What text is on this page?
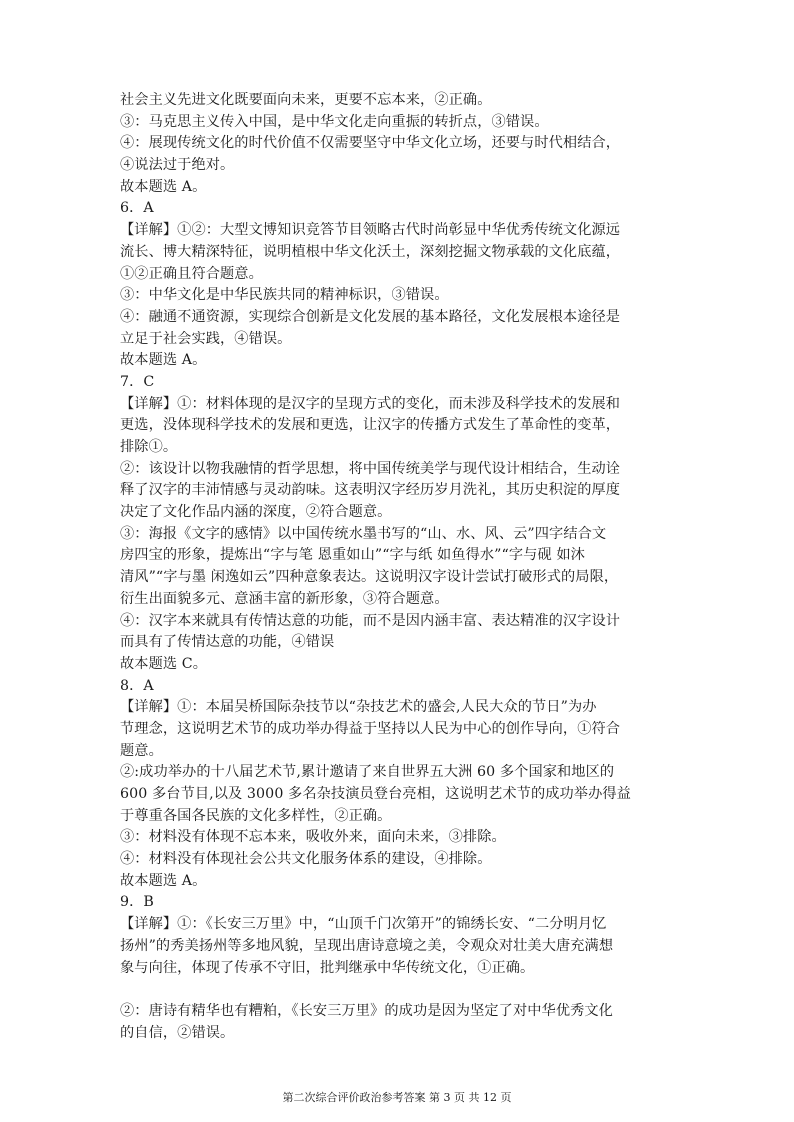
社会主义先进文化既要面向未来，更要不忘本来，②正确。
③：马克思主义传入中国，是中华文化走向重振的转折点，③错误。
④：展现传统文化的时代价值不仅需要坚守中华文化立场，还要与时代相结合，
④说法过于绝对。
故本题选 A。
6．A
【详解】①②：大型文博知识竞答节目领略古代时尚彰显中华优秀传统文化源远
流长、博大精深特征，说明植根中华文化沃土，深刻挖掘文物承载的文化底蕴，
①②正确且符合题意。
③：中华文化是中华民族共同的精神标识，③错误。
④：融通不通资源，实现综合创新是文化发展的基本路径，文化发展根本途径是
立足于社会实践，④错误。
故本题选 A。
7．C
【详解】①：材料体现的是汉字的呈现方式的变化，而未涉及科学技术的发展和
更选，没体现科学技术的发展和更选，让汉字的传播方式发生了革命性的变革，
排除①。
②：该设计以物我融情的哲学思想，将中国传统美学与现代设计相结合，生动诠
释了汉字的丰沛情感与灵动韵味。这表明汉字经历岁月洗礼，其历史积淀的厚度
决定了文化作品内涵的深度，②符合题意。
③：海报《文字的感情》以中国传统水墨书写的“山、水、风、云”四字结合文
房四宝的形象，提炼出“字与笔 恩重如山”“字与纸 如鱼得水”“字与砚 如沐
清风”“字与墨 闲逸如云”四种意象表达。这说明汉字设计尝试打破形式的局限，
衍生出面貌多元、意涵丰富的新形象，③符合题意。
④：汉字本来就具有传情达意的功能，而不是因内涵丰富、表达精准的汉字设计
而具有了传情达意的功能，④错误
故本题选 C。
8．A
【详解】①：本届吴桥国际杂技节以“杂技艺术的盛会,人民大众的节日”为办
节理念，这说明艺术节的成功举办得益于坚持以人民为中心的创作导向，①符合
题意。
②:成功举办的十八届艺术节,累计邀请了来自世界五大洲 60 多个国家和地区的
600 多台节目,以及 3000 多名杂技演员登台亮相，这说明艺术节的成功举办得益
于尊重各国各民族的文化多样性，②正确。
③：材料没有体现不忘本来，吸收外来，面向未来，③排除。
④：材料没有体现社会公共文化服务体系的建设，④排除。
故本题选 A。
9．B
【详解】①：《长安三万里》中，“山顶千门次第开”的锦绣长安、“二分明月忆
扬州”的秀美扬州等多地风貌，呈现出唐诗意境之美，令观众对壮美大唐充满想
象与向往，体现了传承不守旧，批判继承中华传统文化，①正确。
②：唐诗有精华也有糟粕，《长安三万里》的成功是因为坚定了对中华优秀文化
的自信，②错误。
第二次综合评价政治参考答案 第 3 页 共 12 页
